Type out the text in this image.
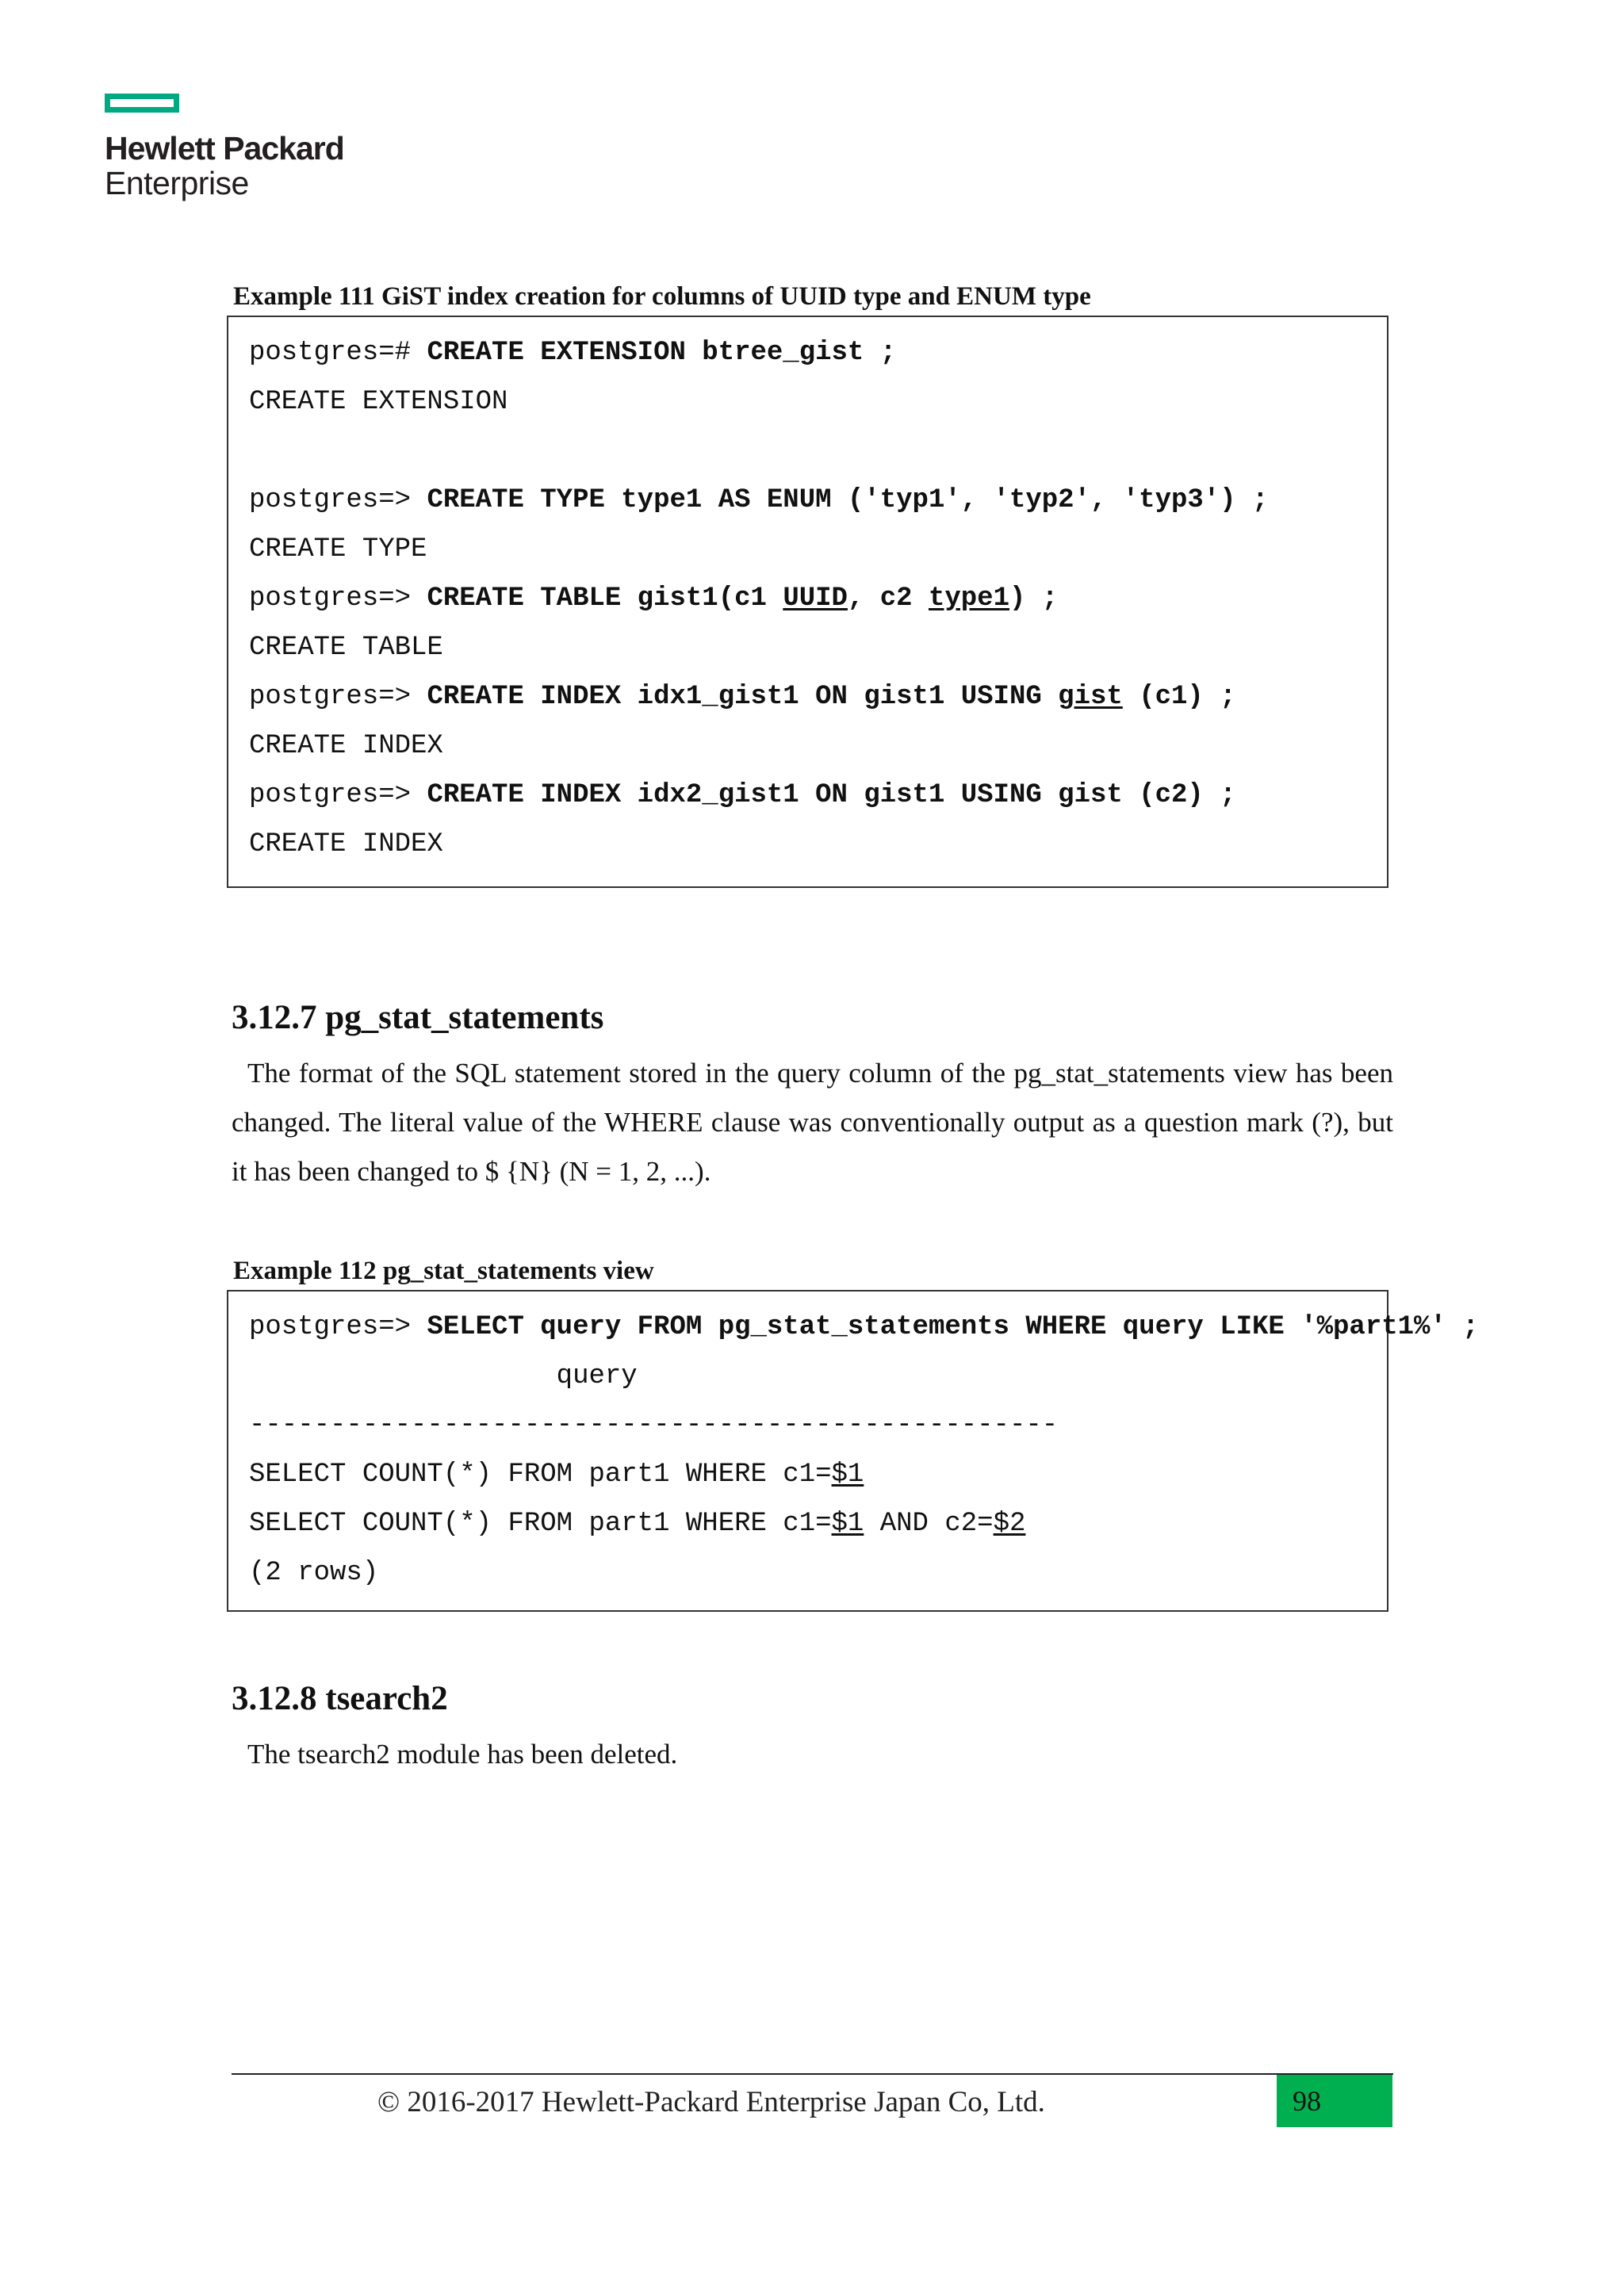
Hewlett Packard
Enterprise
Example 111 GiST index creation for columns of UUID type and ENUM type
postgres=# CREATE EXTENSION btree_gist ;
CREATE EXTENSION
postgres=> CREATE TYPE type1 AS ENUM ('typ1', 'typ2', 'typ3') ;
CREATE TYPE
postgres=> CREATE TABLE gist1(c1 UUID, c2 type1) ;
CREATE TABLE
postgres=> CREATE INDEX idx1_gist1 ON gist1 USING gist (c1) ;
CREATE INDEX
postgres=> CREATE INDEX idx2_gist1 ON gist1 USING gist (c2) ;
CREATE INDEX
3.12.7 pg_stat_statements
The format of the SQL statement stored in the query column of the pg_stat_statements view has been changed. The literal value of the WHERE clause was conventionally output as a question mark (?), but it has been changed to $ {N} (N = 1, 2, ...).
Example 112 pg_stat_statements view
postgres=> SELECT query FROM pg_stat_statements WHERE query LIKE '%part1%' ;
query
--------------------------------------------------
SELECT COUNT(*) FROM part1 WHERE c1=$1
SELECT COUNT(*) FROM part1 WHERE c1=$1 AND c2=$2
(2 rows)
3.12.8 tsearch2
The tsearch2 module has been deleted.
© 2016-2017 Hewlett-Packard Enterprise Japan Co, Ltd.	98
